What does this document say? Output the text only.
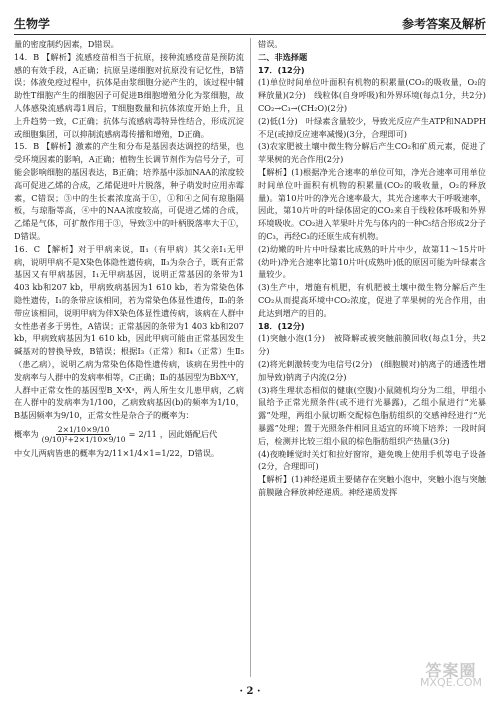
生物学	参考答案及解析

量的密度制约因素，D错误。

14．B 【解析】流感疫苗相当于抗原，接种流感疫苗是预防流感的有效手段，A正确；抗原呈递细胞对抗原没有记忆性，B错误；体液免疫过程中，抗体是由浆细胞分泌产生的，该过程中辅助性T细胞产生的细胞因子可促进B细胞增殖分化为浆细胞，故人体感染流感病毒1周后，T细胞数量和抗体浓度开始上升，且上升趋势一致，C正确；抗体与流感病毒特异性结合，形成沉淀或细胞集团，可以抑制流感病毒传播和增殖，D正确。

15．B 【解析】激素的产生和分布是基因表达调控的结果，也受环境因素的影响，A正确；植物生长调节剂作为信号分子，可能会影响细胞的基因表达，B正确；培养基中添加NAA的浓度较高可促进乙烯的合成，乙烯促进叶片脱落，种子萌发时应用赤霉素，C错误；③中的生长素浓度高于①，①和④之间有琼脂隔板，与琼脂等高，④中的NAA浓度较高，可促进乙烯的合成，乙烯是气体，可扩散作用于③，导致③中的叶柄脱落率大于①，D错误。

16．C 【解析】对于甲病来说，Ⅱ₁（有甲病）其父亲Ⅰ₁无甲病，说明甲病不是X染色体隐性遗传病，Ⅱ₃为杂合子，既有正常基因又有甲病基因，Ⅰ₁无甲病基因，说明正常基因的条带为1 403 kb和207 kb，甲病致病基因为1 610 kb，若为常染色体隐性遗传，Ⅰ₁的条带应该相同，若为常染色体显性遗传，Ⅱ₃的条带应该相同，说明甲病为伴X染色体显性遗传病，该病在人群中女性患者多于男性，A错误；正常基因的条带为1 403 kb和207 kb，甲病致病基因为1 610 kb，因此甲病可能由正常基因发生碱基对的替换导致，B错误；根据Ⅰ₃（正常）和Ⅰ₄（正常）生Ⅱ₅（患乙病），说明乙病为常染色体隐性遗传病，该病在男性中的发病率与人群中的发病率相等，C正确；Ⅱ₃的基因型为BbXᴬY，人群中正常女性的基因型B_XᵃXᵃ，两人所生女儿患甲病，乙病在人群中的发病率为1/100，乙病致病基因(b)的频率为1/10，B基因频率为9/10，正常女性是杂合子的概率为：

概率为 $\frac{2\times 1/10\times 9/10}{\text{(9/10)²+2×1/10×9/10}} = 2/11$ ，因此婚配后代

中女儿两病皆患的概率为2/11×1/4×1=1/22，D错误。

错误。

二、非选择题

17．(12分)

(1)单位时间单位叶面积有机物的积累量(CO₂的吸收量，O₂的释放量)(2分)　线粒体(自身呼吸)和外界环境(每点1分，共2分)　CO₂→C₃→(CH₂O)(2分)

(2)低(1分)　叶绿素含量较少，导致光反应产生ATP和NADPH不足(或掉反应速率减慢)(3分，合理即可)

(3)农家肥被土壤中微生物分解后产生CO₂和矿质元素，促进了苹果树的光合作用(2分)

【解析】(1)根据净光合速率的单位可知，净光合速率可用单位时间单位叶面积有机物的积累量(CO₂的吸收量，O₂的释放量)。第10片叶的净光合速率最大，其光合速率大于呼吸速率，因此，第10片叶的叶绿体固定的CO₂来自于线粒体呼吸和外界环境吸收。CO₂进入苹果叶片先与体内的一种C₅结合形成2分子的C₃，再经C₃的还原生成有机物。

(2)幼嫩的叶片中叶绿素比成熟的叶片中少，故第11～15片叶(幼叶)净光合速率比第10片叶(成熟叶)低的原因可能为叶绿素含量较少。

(3)生产中，增施有机肥，有机肥被土壤中微生物分解后产生CO₂从而提高环境中CO₂浓度，促进了苹果树的光合作用，由此达到增产的目的。

18．(12分)

(1)突触小泡(1分)　被降解或被突触前膜回收(每点1分，共2分)

(2)将光刺激转变为电信号(2分)　(细胞膜对)钠离子的通透性增加导致)钠离子内流(2分)

(3)将生理状态相似的健康(空腹)小鼠随机均分为二组，甲组小鼠给予正常光照条件(或不进行光暴露)，乙组小鼠进行“光暴露”处理，两组小鼠切断交配棕色脂肪组织的交感神经进行“光暴露”处理；置于光照条件相同且适宜的环境下培养；一段时间后，检测并比较三组小鼠的棕色脂肪组织产热量(3分)

(4)夜晚睡觉时关灯和拉好窗帘，避免晚上使用手机等电子设备(2分，合理即可)

【解析】(1)神经递质主要储存在突触小泡中，突触小泡与突触前膜融合释放神经递质。神经递质发挥

· 2 ·
答案圈
MXQE.COM
